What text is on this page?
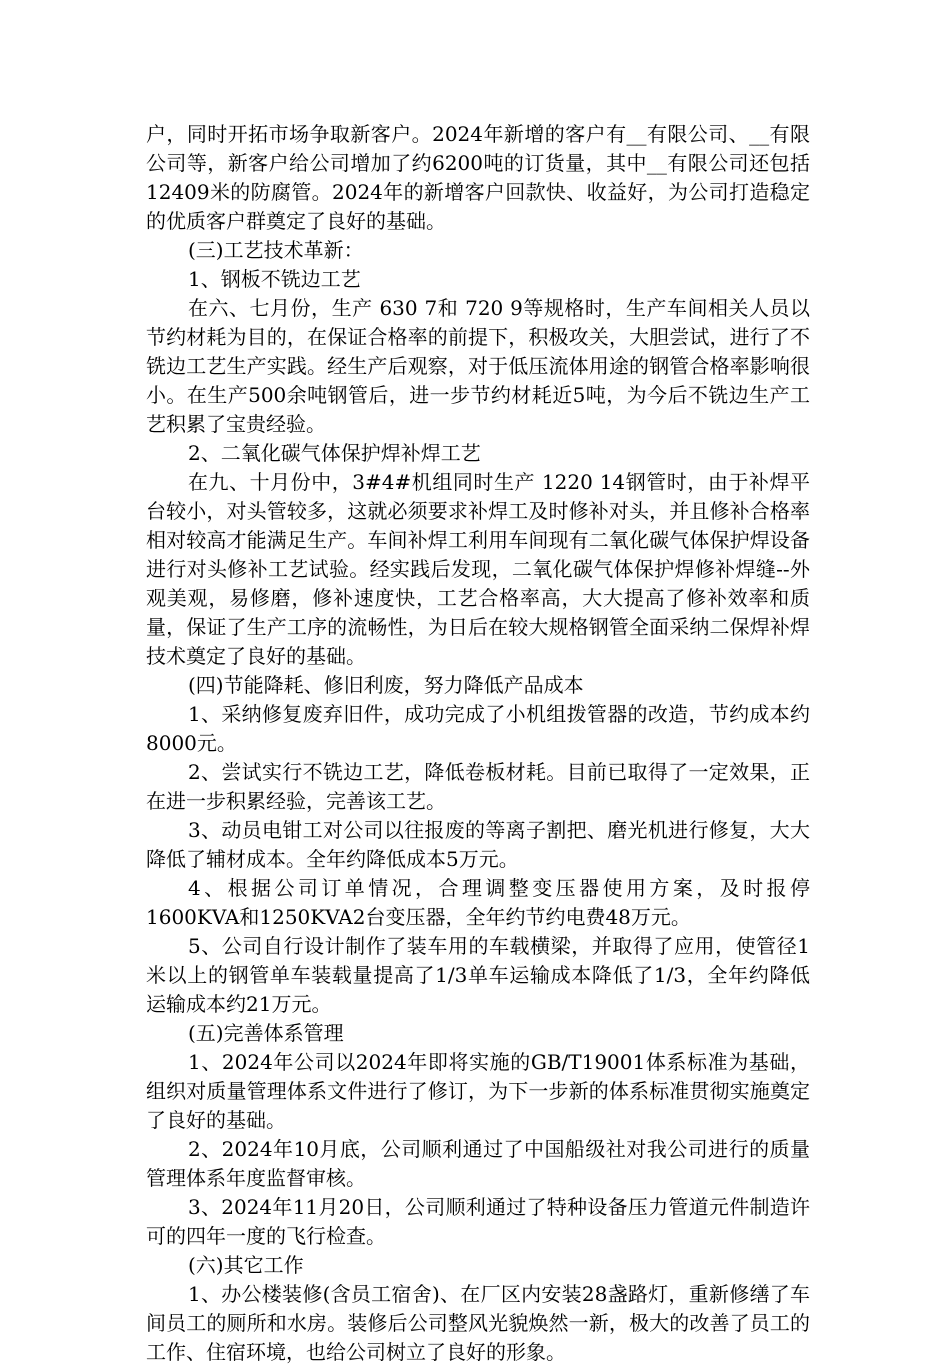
户，同时开拓市场争取新客户。2024年新增的客户有__有限公司、__有限公司等，新客户给公司增加了约6200吨的订货量，其中__有限公司还包括12409米的防腐管。2024年的新增客户回款快、收益好，为公司打造稳定的优质客户群奠定了良好的基础。

(三)工艺技术革新：

1、钢板不铣边工艺

在六、七月份，生产 630 7和 720 9等规格时，生产车间相关人员以节约材耗为目的，在保证合格率的前提下，积极攻关，大胆尝试，进行了不铣边工艺生产实践。经生产后观察，对于低压流体用途的钢管合格率影响很小。在生产500余吨钢管后，进一步节约材耗近5吨，为今后不铣边生产工艺积累了宝贵经验。

2、二氧化碳气体保护焊补焊工艺

在九、十月份中，3#4#机组同时生产 1220 14钢管时，由于补焊平台较小，对头管较多，这就必须要求补焊工及时修补对头，并且修补合格率相对较高才能满足生产。车间补焊工利用车间现有二氧化碳气体保护焊设备进行对头修补工艺试验。经实践后发现，二氧化碳气体保护焊修补焊缝--外观美观，易修磨，修补速度快，工艺合格率高，大大提高了修补效率和质量，保证了生产工序的流畅性，为日后在较大规格钢管全面采纳二保焊补焊技术奠定了良好的基础。

(四)节能降耗、修旧利废，努力降低产品成本

1、采纳修复废弃旧件，成功完成了小机组拨管器的改造，节约成本约8000元。

2、尝试实行不铣边工艺，降低卷板材耗。目前已取得了一定效果，正在进一步积累经验，完善该工艺。

3、动员电钳工对公司以往报废的等离子割把、磨光机进行修复，大大降低了辅材成本。全年约降低成本5万元。

4、根据公司订单情况，合理调整变压器使用方案，及时报停1600KVA和1250KVA2台变压器，全年约节约电费48万元。

5、公司自行设计制作了装车用的车载横梁，并取得了应用，使管径1米以上的钢管单车装载量提高了1/3单车运输成本降低了1/3，全年约降低运输成本约21万元。

(五)完善体系管理

1、2024年公司以2024年即将实施的GB/T19001体系标准为基础，组织对质量管理体系文件进行了修订，为下一步新的体系标准贯彻实施奠定了良好的基础。

2、2024年10月底，公司顺利通过了中国船级社对我公司进行的质量管理体系年度监督审核。

3、2024年11月20日，公司顺利通过了特种设备压力管道元件制造许可的四年一度的飞行检查。

(六)其它工作

1、办公楼装修(含员工宿舍)、在厂区内安装28盏路灯，重新修缮了车间员工的厕所和水房。装修后公司整风光貌焕然一新，极大的改善了员工的工作、住宿环境，也给公司树立了良好的形象。
